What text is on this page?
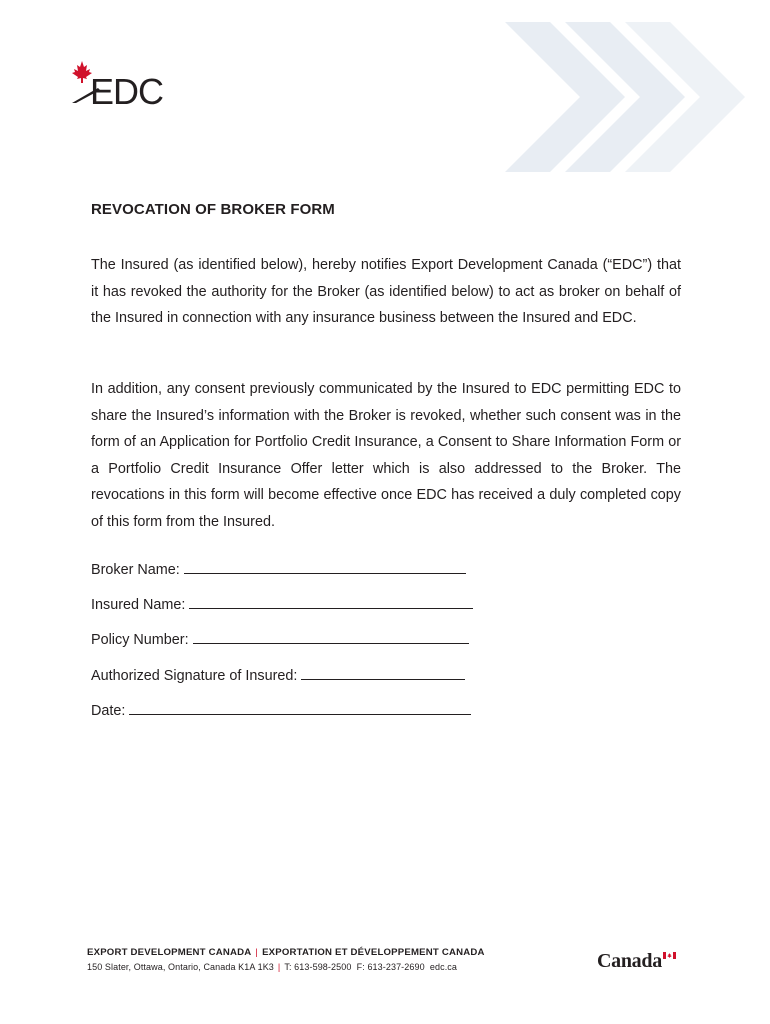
EDC
REVOCATION OF BROKER FORM

The Insured (as identified below), hereby notifies Export Development Canada (“EDC”) that it has revoked the authority for the Broker (as identified below) to act as broker on behalf of the Insured in connection with any insurance business between the Insured and EDC.

In addition, any consent previously communicated by the Insured to EDC permitting EDC to share the Insured’s information with the Broker is revoked, whether such consent was in the form of an Application for Portfolio Credit Insurance, a Consent to Share Information Form or a Portfolio Credit Insurance Offer letter which is also addressed to the Broker. The revocations in this form will become effective once EDC has received a duly completed copy of this form from the Insured.

Broker Name:

Insured Name:

Policy Number:

Authorized Signature of Insured:

Date:

EXPORT DEVELOPMENT CANADA | EXPORTATION ET DÉVELOPPEMENT CANADA

150 Slater, Ottawa, Ontario, Canada K1A 1K3 | T: 613-598-2500 F: 613-237-2690 edc.ca	Canada
